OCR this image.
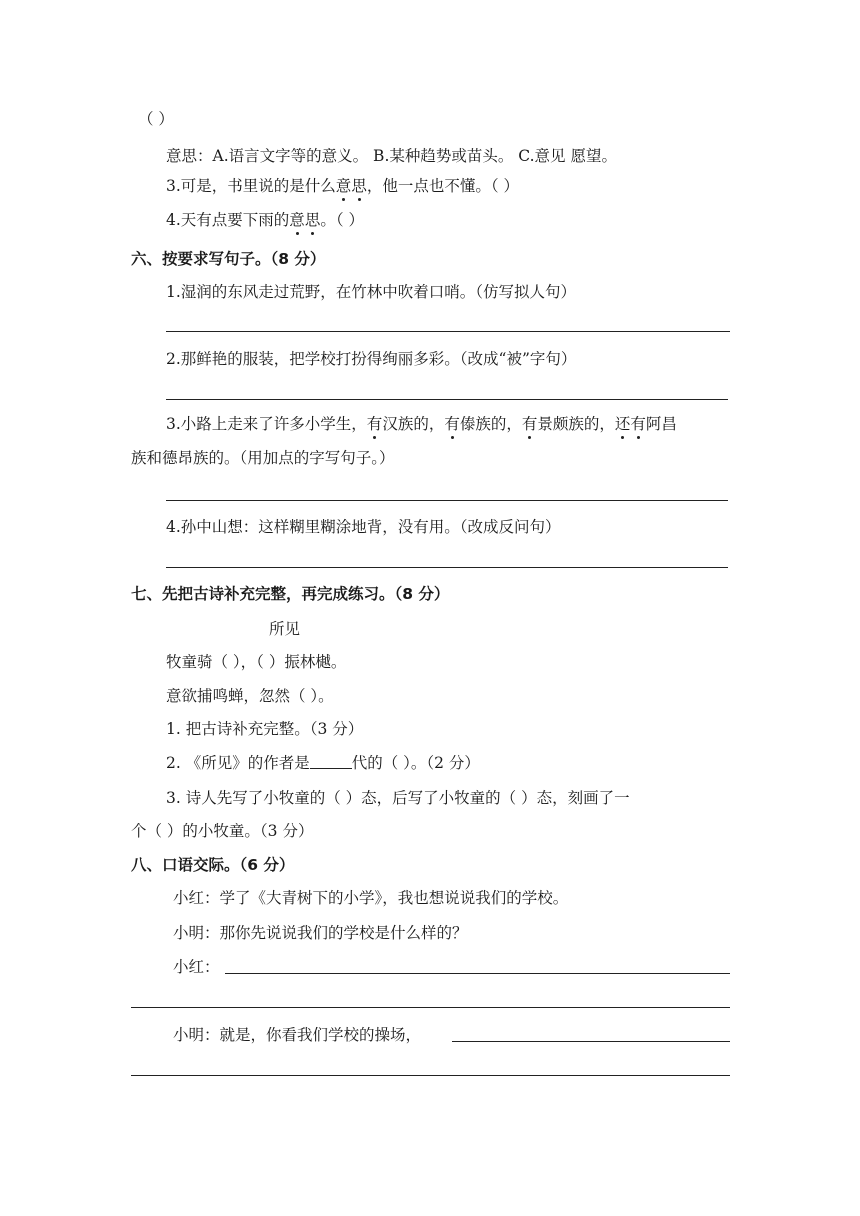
（ ）
意思：A.语言文字等的意义。 B.某种趋势或苗头。 C.意见 愿望。
3.可是，书里说的是什么意思，他一点也不懂。（ ）
4.天有点要下雨的意思。（ ）
六、按要求写句子。（8 分）
1.湿润的东风走过荒野，在竹林中吹着口哨。（仿写拟人句）
2.那鲜艳的服装，把学校打扮得绚丽多彩。（改成“被”字句）
3.小路上走来了许多小学生，有汉族的，有傣族的，有景颇族的，还有阿昌
族和德昂族的。（用加点的字写句子。）
4.孙中山想：这样糊里糊涂地背，没有用。（改成反问句）
七、先把古诗补充完整，再完成练习。（8 分）
所见
牧童骑（ ），（ ）振林樾。
意欲捕鸣蝉，忽然（ ）。
1. 把古诗补充完整。（3 分）
2. 《所见》的作者是	代的（ ）。（2 分）
3. 诗人先写了小牧童的（ ）态，后写了小牧童的（ ）态，刻画了一
个（ ）的小牧童。（3 分）
八、口语交际。（6 分）
小红：学了《大青树下的小学》，我也想说说我们的学校。
小明：那你先说说我们的学校是什么样的？
小红：
小明：就是，你看我们学校的操场，
